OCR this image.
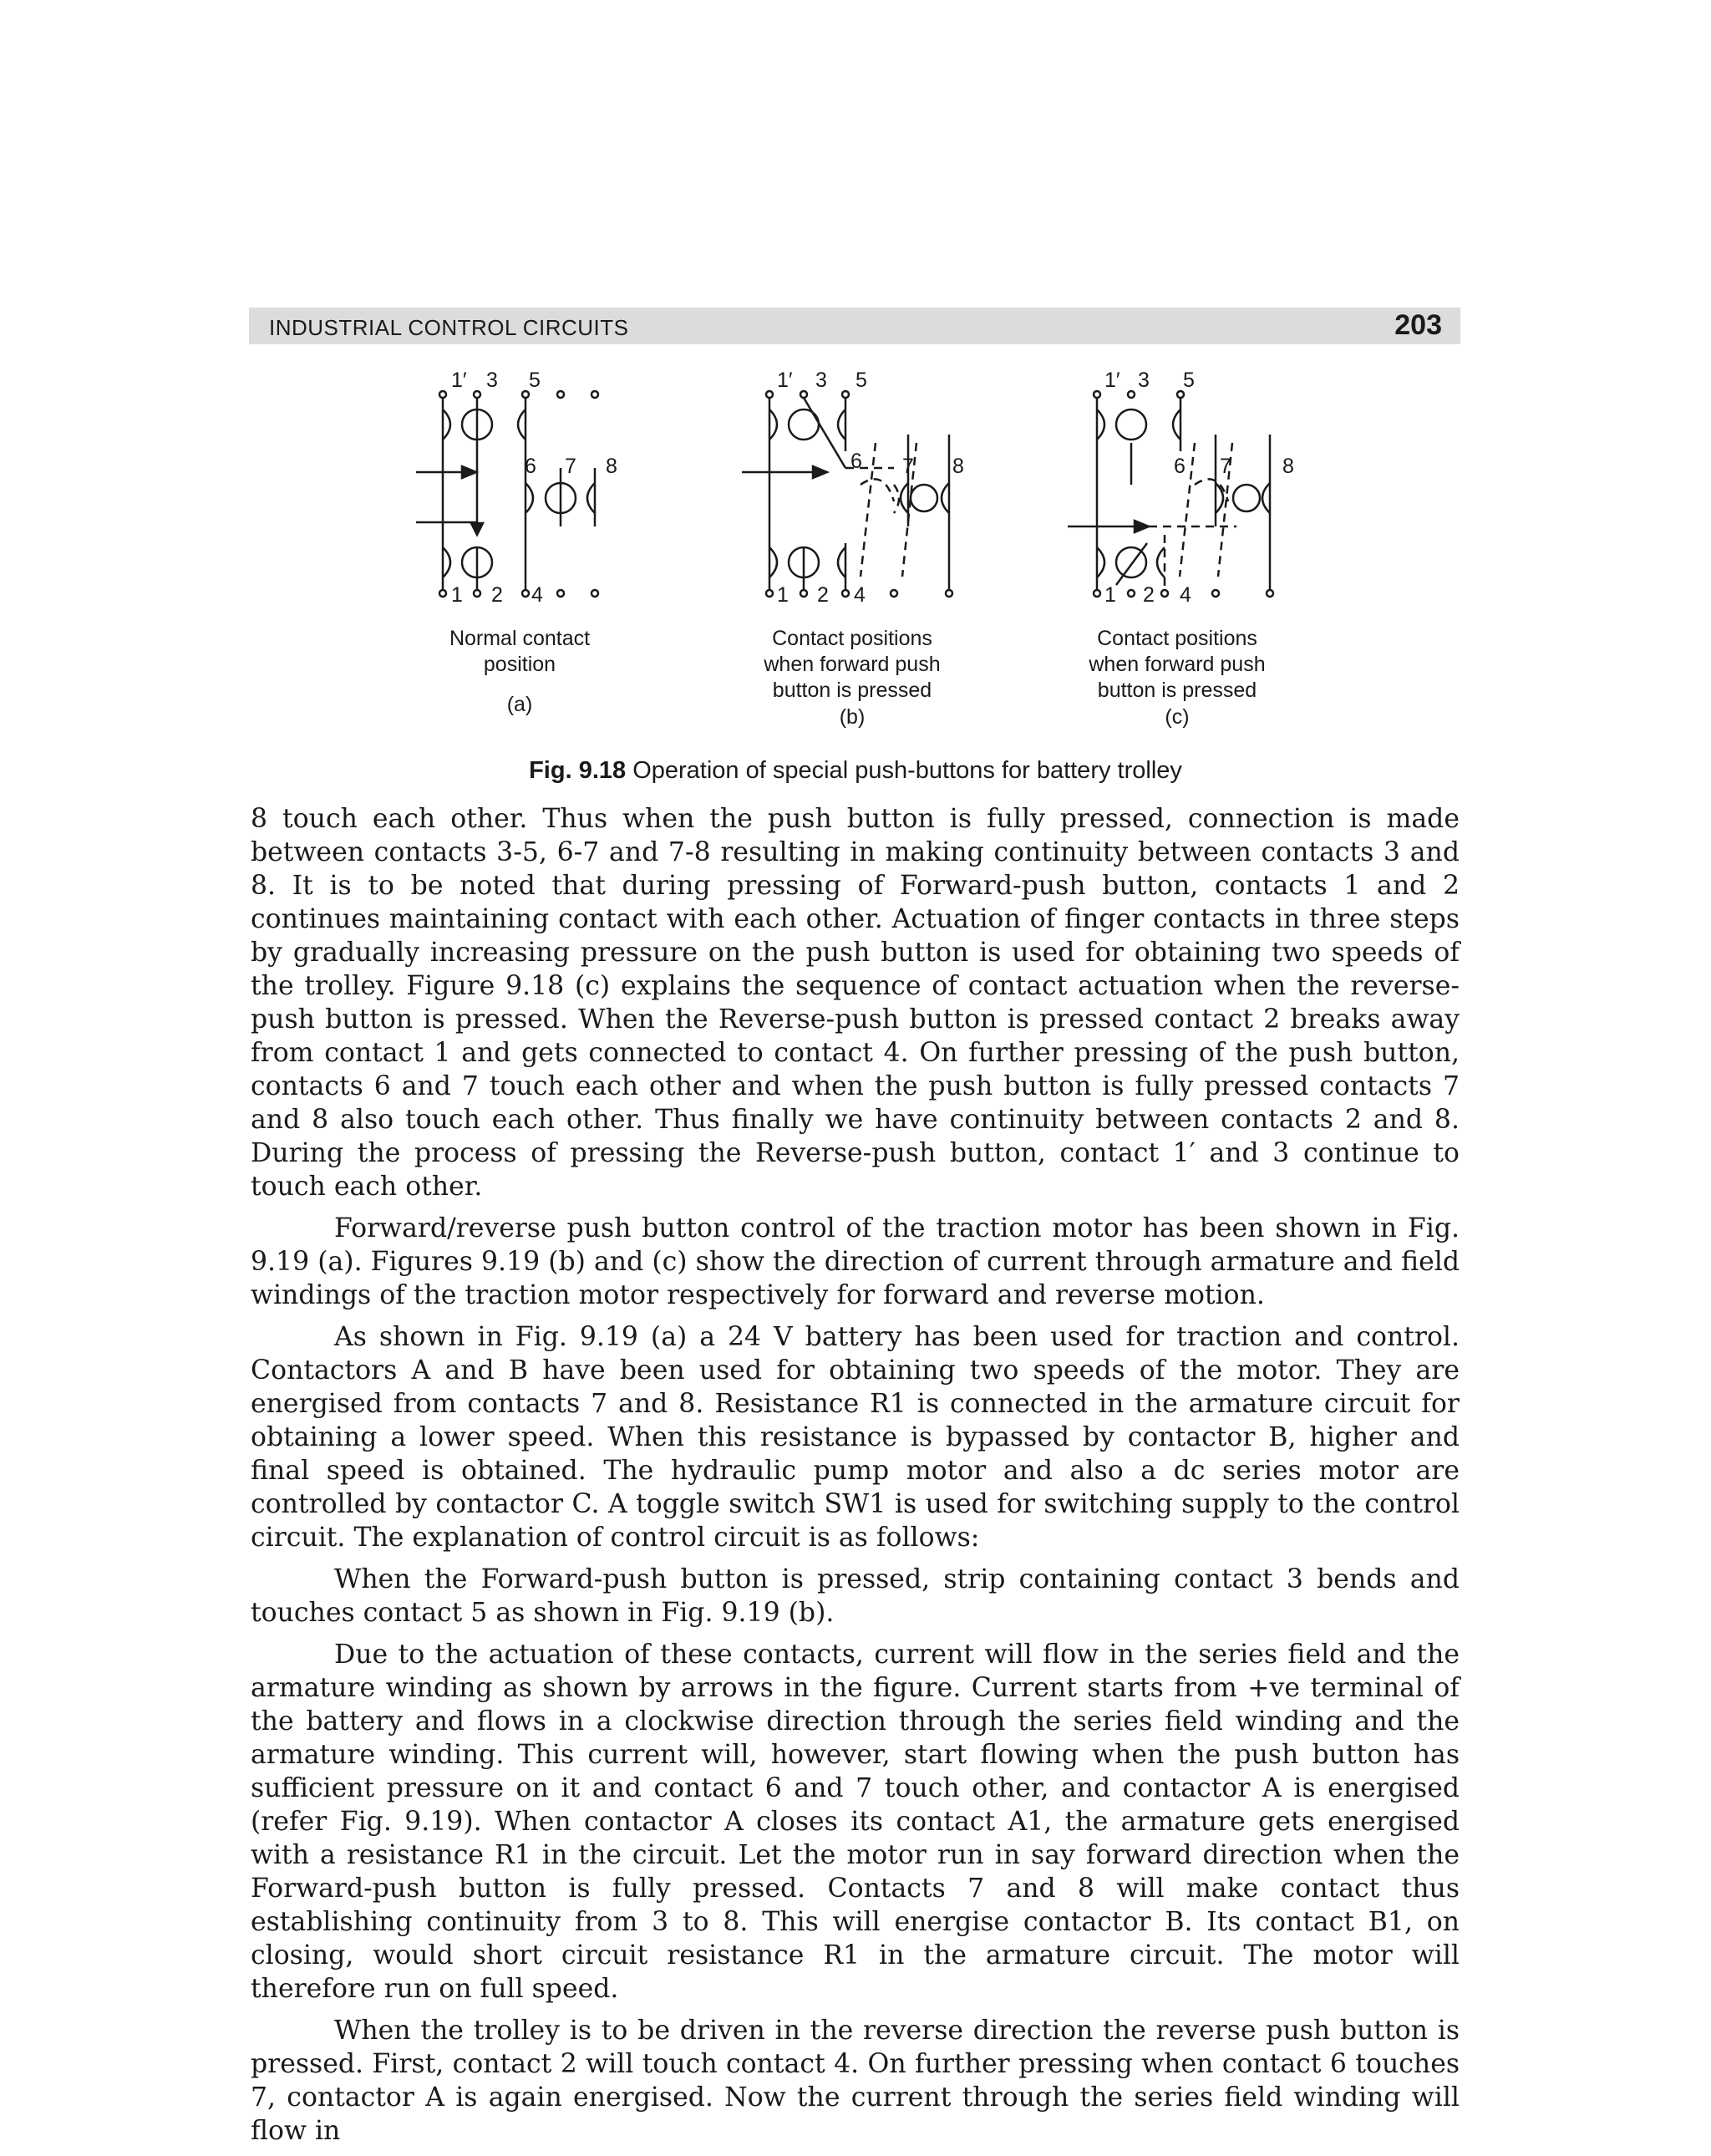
INDUSTRIAL CONTROL CIRCUITS	203
1′ 3 5
6 7 8
1 2 4
Normal contact
position
(a)
1′ 3 5
6 7 8
1 2 4
Contact positions
when forward push
button is pressed
(b)
1′ 3 5
6 7 8
1 2 4
Contact positions
when forward push
button is pressed
(c)
Fig. 9.18 Operation of special push-buttons for battery trolley

8 touch each other. Thus when the push button is fully pressed, connection is made between contacts 3-5, 6-7 and 7-8 resulting in making continuity between contacts 3 and 8. It is to be noted that during pressing of Forward-push button, contacts 1 and 2 continues maintaining contact with each other. Actuation of finger contacts in three steps by gradually increasing pressure on the push button is used for obtaining two speeds of the trolley. Figure 9.18 (c) explains the sequence of contact actuation when the reverse-push button is pressed. When the Reverse-push button is pressed contact 2 breaks away from contact 1 and gets connected to contact 4. On further pressing of the push button, contacts 6 and 7 touch each other and when the push button is fully pressed contacts 7 and 8 also touch each other. Thus finally we have continuity between contacts 2 and 8. During the process of pressing the Reverse-push button, contact 1′ and 3 continue to touch each other.

Forward/reverse push button control of the traction motor has been shown in Fig. 9.19 (a). Figures 9.19 (b) and (c) show the direction of current through armature and field windings of the traction motor respectively for forward and reverse motion.

As shown in Fig. 9.19 (a) a 24 V battery has been used for traction and control. Contactors A and B have been used for obtaining two speeds of the motor. They are energised from contacts 7 and 8. Resistance R1 is connected in the armature circuit for obtaining a lower speed. When this resistance is bypassed by contactor B, higher and final speed is obtained. The hydraulic pump motor and also a dc series motor are controlled by contactor C. A toggle switch SW1 is used for switching supply to the control circuit. The explanation of control circuit is as follows:

When the Forward-push button is pressed, strip containing contact 3 bends and touches contact 5 as shown in Fig. 9.19 (b).

Due to the actuation of these contacts, current will flow in the series field and the armature winding as shown by arrows in the figure. Current starts from +ve terminal of the battery and flows in a clockwise direction through the series field winding and the armature winding. This current will, however, start flowing when the push button has sufficient pressure on it and contact 6 and 7 touch other, and contactor A is energised (refer Fig. 9.19). When contactor A closes its contact A1, the armature gets energised with a resistance R1 in the circuit. Let the motor run in say forward direction when the Forward-push button is fully pressed. Contacts 7 and 8 will make contact thus establishing continuity from 3 to 8. This will energise contactor B. Its contact B1, on closing, would short circuit resistance R1 in the armature circuit. The motor will therefore run on full speed.

When the trolley is to be driven in the reverse direction the reverse push button is pressed. First, contact 2 will touch contact 4. On further pressing when contact 6 touches 7, contactor A is again energised. Now the current through the series field winding will flow in
